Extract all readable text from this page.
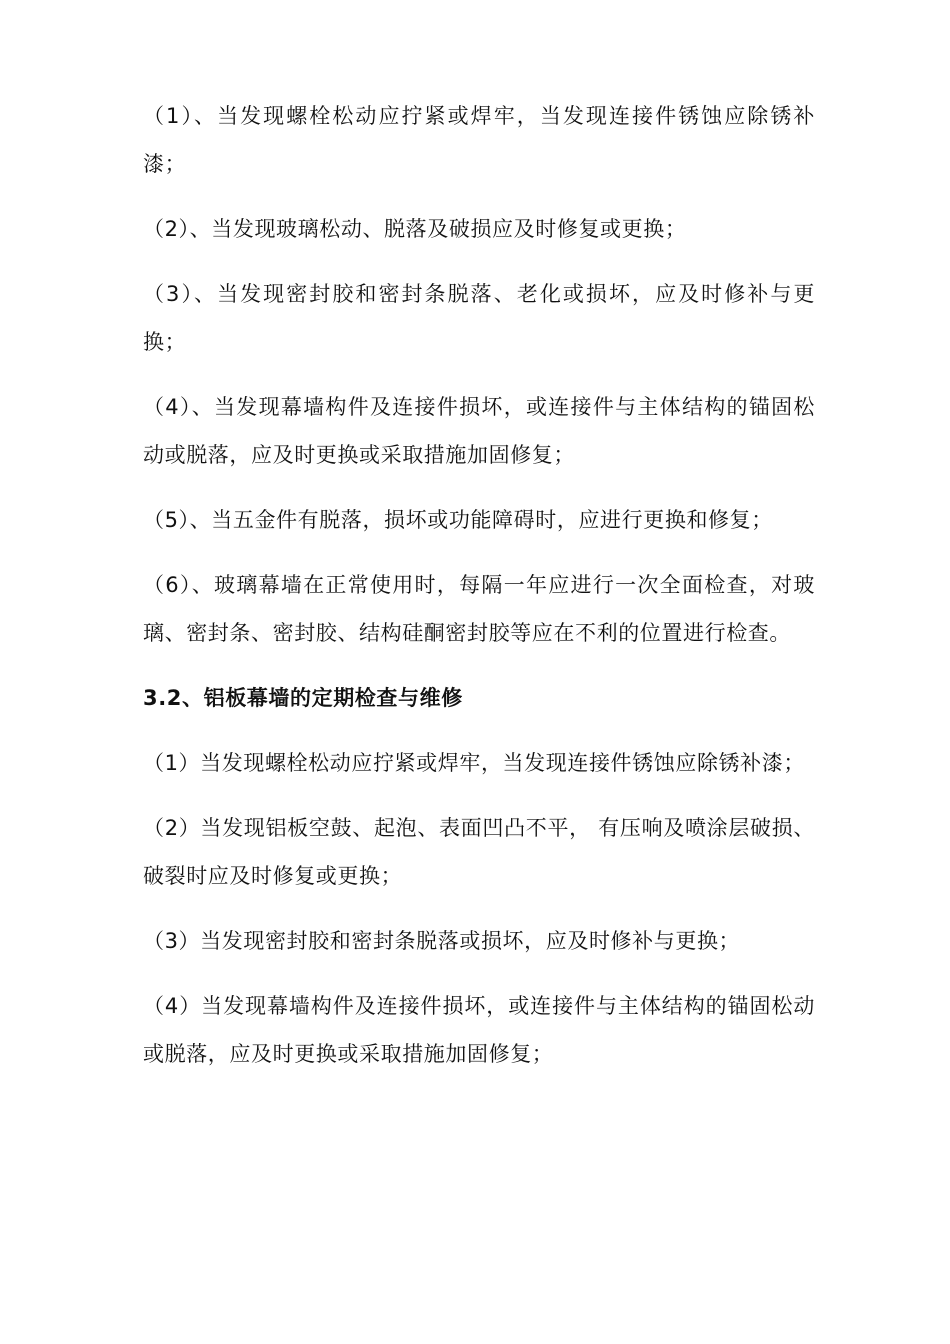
（1）、当发现螺栓松动应拧紧或焊牢，当发现连接件锈蚀应除锈补漆；

（2）、当发现玻璃松动、脱落及破损应及时修复或更换；

（3）、当发现密封胶和密封条脱落、老化或损坏，应及时修补与更换；

（4）、当发现幕墙构件及连接件损坏，或连接件与主体结构的锚固松动或脱落，应及时更换或采取措施加固修复；

（5）、当五金件有脱落，损坏或功能障碍时，应进行更换和修复；

（6）、玻璃幕墙在正常使用时，每隔一年应进行一次全面检查，对玻璃、密封条、密封胶、结构硅酮密封胶等应在不利的位置进行检查。

3.2、铝板幕墙的定期检查与维修

（1）当发现螺栓松动应拧紧或焊牢，当发现连接件锈蚀应除锈补漆；

（2）当发现铝板空鼓、起泡、表面凹凸不平， 有压响及喷涂层破损、破裂时应及时修复或更换；

（3）当发现密封胶和密封条脱落或损坏，应及时修补与更换；

（4）当发现幕墙构件及连接件损坏，或连接件与主体结构的锚固松动或脱落，应及时更换或采取措施加固修复；
